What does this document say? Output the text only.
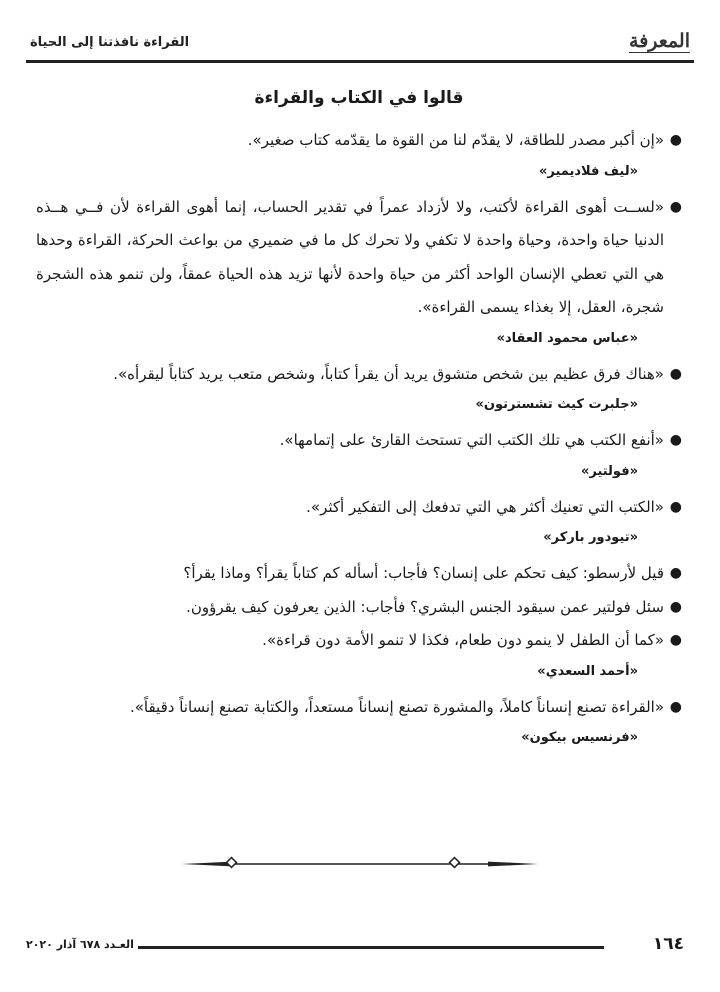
المعرفة
القراءة نافذتنا إلى الحياة
قالوا في الكتاب والقراءة
●
«إن أكبر مصدر للطاقة، لا يقدّم لنا من القوة ما يقدّمه كتاب صغير».
«ليف فلاديمير»
●
«لســت أهوى القراءة لأكتب، ولا لأزداد عمراً في تقدير الحساب، إنما أهوى القراءة لأن فــي هــذه الدنيا حياة واحدة، وحياة واحدة لا تكفي ولا تحرك كل ما في ضميري من بواعث الحركة، القراءة وحدها هي التي تعطي الإنسان الواحد أكثر من حياة واحدة لأنها تزيد هذه الحياة عمقاً، ولن تنمو هذه الشجرة شجرة، العقل، إلا بغذاء يسمى القراءة».
«عباس محمود العقاد»
●
«هناك فرق عظيم بين شخص متشوق يريد أن يقرأ كتاباً، وشخص متعب يريد كتاباً ليقرأه».
«جلبرت كيث تشسترتون»
●
«أنفع الكتب هي تلك الكتب التي تستحث القارئ على إتمامها».
«فولتير»
●
«الكتب التي تعنيك أكثر هي التي تدفعك إلى التفكير أكثر».
«تيودور باركر»
●
قيل لأرسطو: كيف تحكم على إنسان؟ فأجاب: أسأله كم كتاباً يقرأ؟ وماذا يقرأ؟
●
سئل فولتير عمن سيقود الجنس البشري؟ فأجاب: الذين يعرفون كيف يقرؤون.
●
«كما أن الطفل لا ينمو دون طعام، فكذا لا تنمو الأمة دون قراءة».
«أحمد السعدي»
●
«القراءة تصنع إنساناً كاملاً، والمشورة تصنع إنساناً مستعداً، والكتابة تصنع إنساناً دقيقاً».
«فرنسيس بيكون»
١٦٤
العـدد ٦٧٨ آذار ٢٠٢٠
